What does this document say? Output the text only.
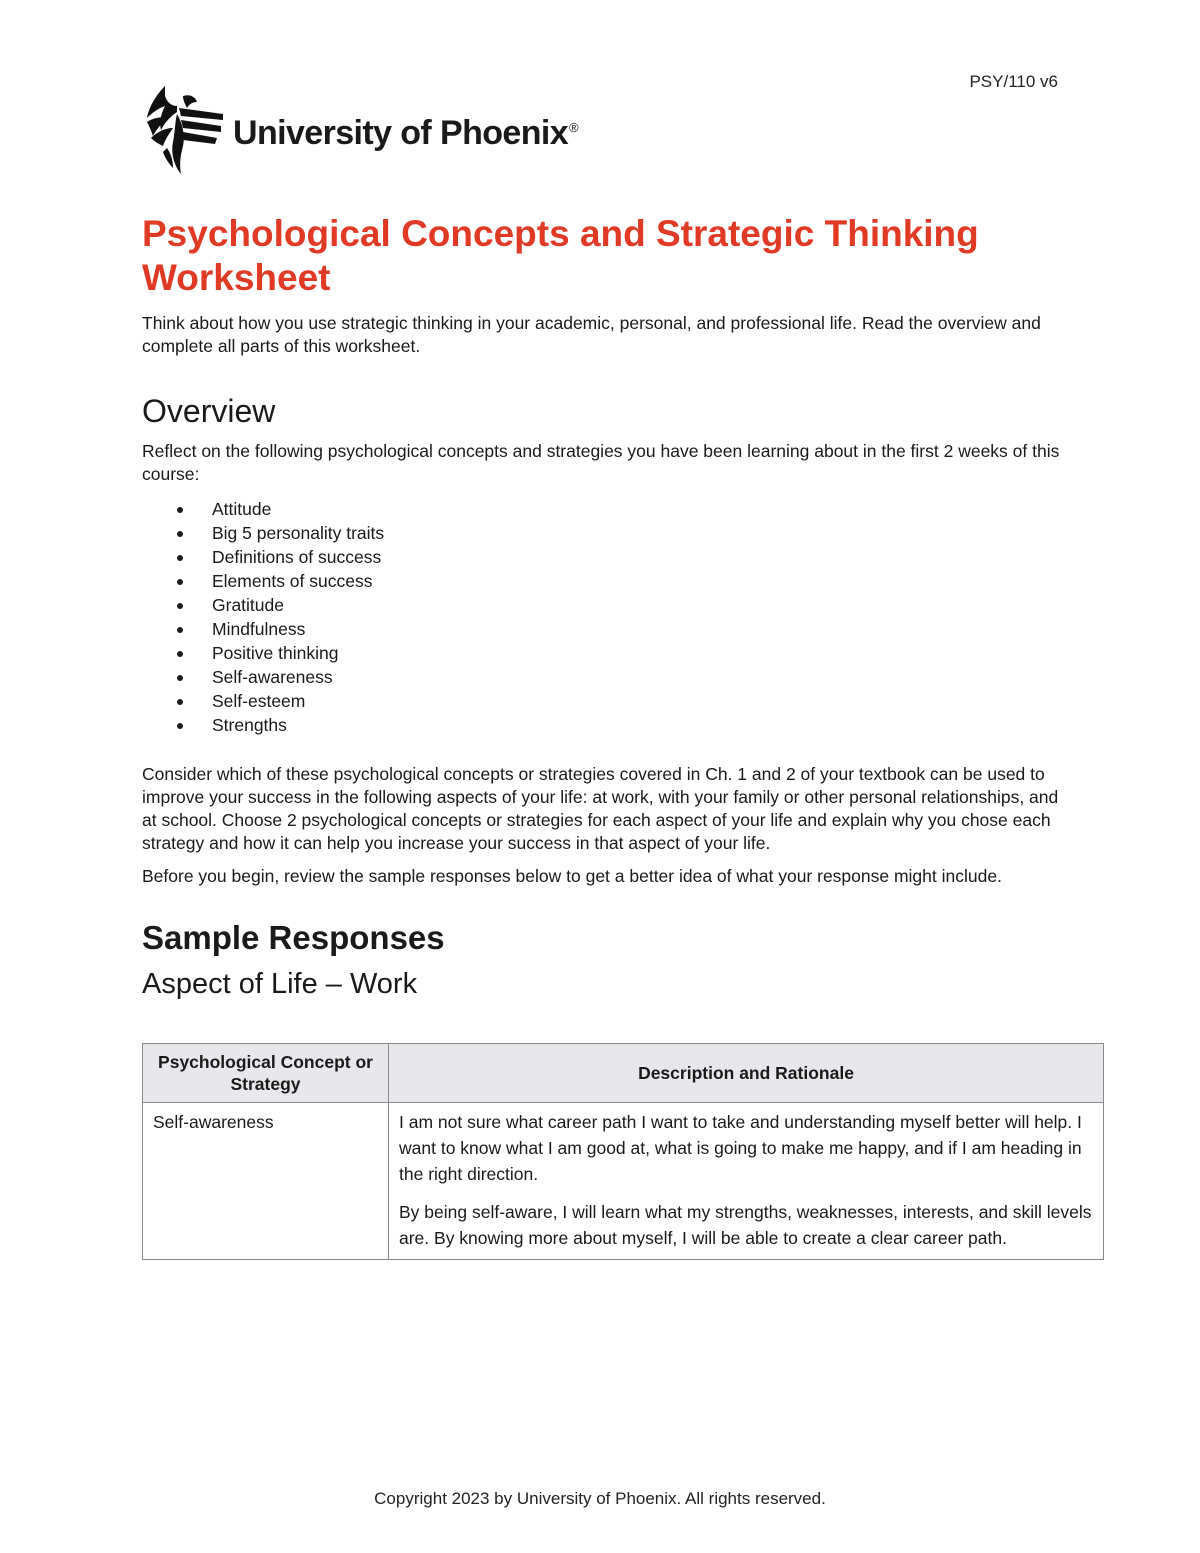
PSY/110 v6
University of Phoenix®
Psychological Concepts and Strategic Thinking Worksheet

Think about how you use strategic thinking in your academic, personal, and professional life. Read the overview and complete all parts of this worksheet.

Overview

Reflect on the following psychological concepts and strategies you have been learning about in the first 2 weeks of this course:

Attitude
Big 5 personality traits
Definitions of success
Elements of success
Gratitude
Mindfulness
Positive thinking
Self-awareness
Self-esteem
Strengths

Consider which of these psychological concepts or strategies covered in Ch. 1 and 2 of your textbook can be used to improve your success in the following aspects of your life: at work, with your family or other personal relationships, and at school. Choose 2 psychological concepts or strategies for each aspect of your life and explain why you chose each strategy and how it can help you increase your success in that aspect of your life.

Before you begin, review the sample responses below to get a better idea of what your response might include.

Sample Responses
Aspect of Life – Work
Psychological Concept or Strategy	Description and Rationale
Self-awareness	I am not sure what career path I want to take and understanding myself better will help. I want to know what I am good at, what is going to make me happy, and if I am heading in the right direction.

By being self-aware, I will learn what my strengths, weaknesses, interests, and skill levels are. By knowing more about myself, I will be able to create a clear career path.

Copyright 2023 by University of Phoenix. All rights reserved.
